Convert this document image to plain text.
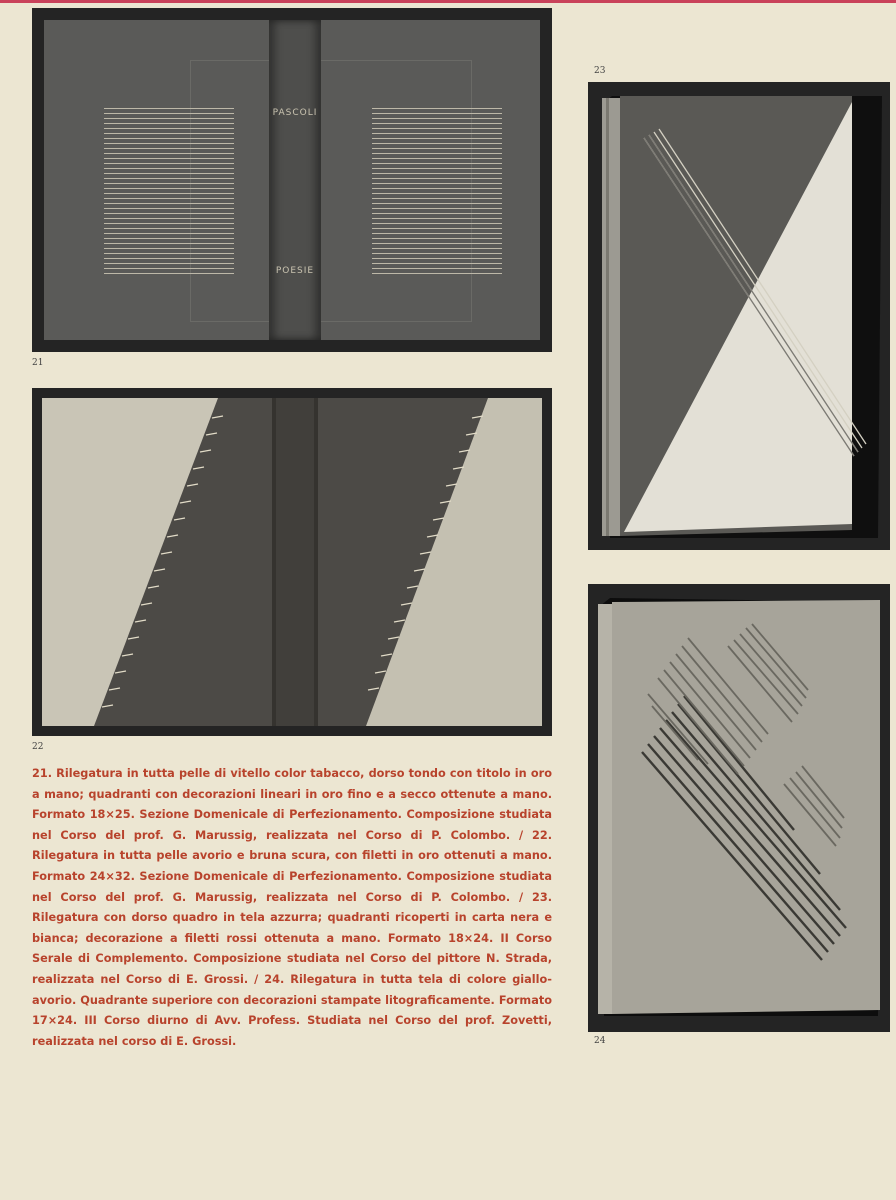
PASCOLI
POESIE
21
22
23
24

21. Rilegatura in tutta pelle di vitello color tabacco, dorso tondo con titolo in oro a mano; quadranti con decorazioni lineari in oro fino e a secco ottenute a mano. Formato 18×25. Sezione Domenicale di Perfezionamento. Composizione studiata nel Corso del prof. G. Marussig, realizzata nel Corso di P. Colombo. / 22. Rilegatura in tutta pelle avorio e bruna scura, con filetti in oro ottenuti a mano. Formato 24×32. Sezione Domenicale di Perfezionamento. Composizione studiata nel Corso del prof. G. Marussig, realizzata nel Corso di P. Colombo. / 23. Rilegatura con dorso quadro in tela azzurra; quadranti ricoperti in carta nera e bianca; decorazione a filetti rossi ottenuta a mano. Formato 18×24. II Corso Serale di Complemento. Composizione studiata nel Corso del pittore N. Strada, realizzata nel Corso di E. Grossi. / 24. Rilegatura in tutta tela di colore giallo-avorio. Quadrante superiore con decorazioni stampate litograficamente. Formato 17×24. III Corso diurno di Avv. Profess. Studiata nel Corso del prof. Zovetti, realizzata nel corso di E. Grossi.
